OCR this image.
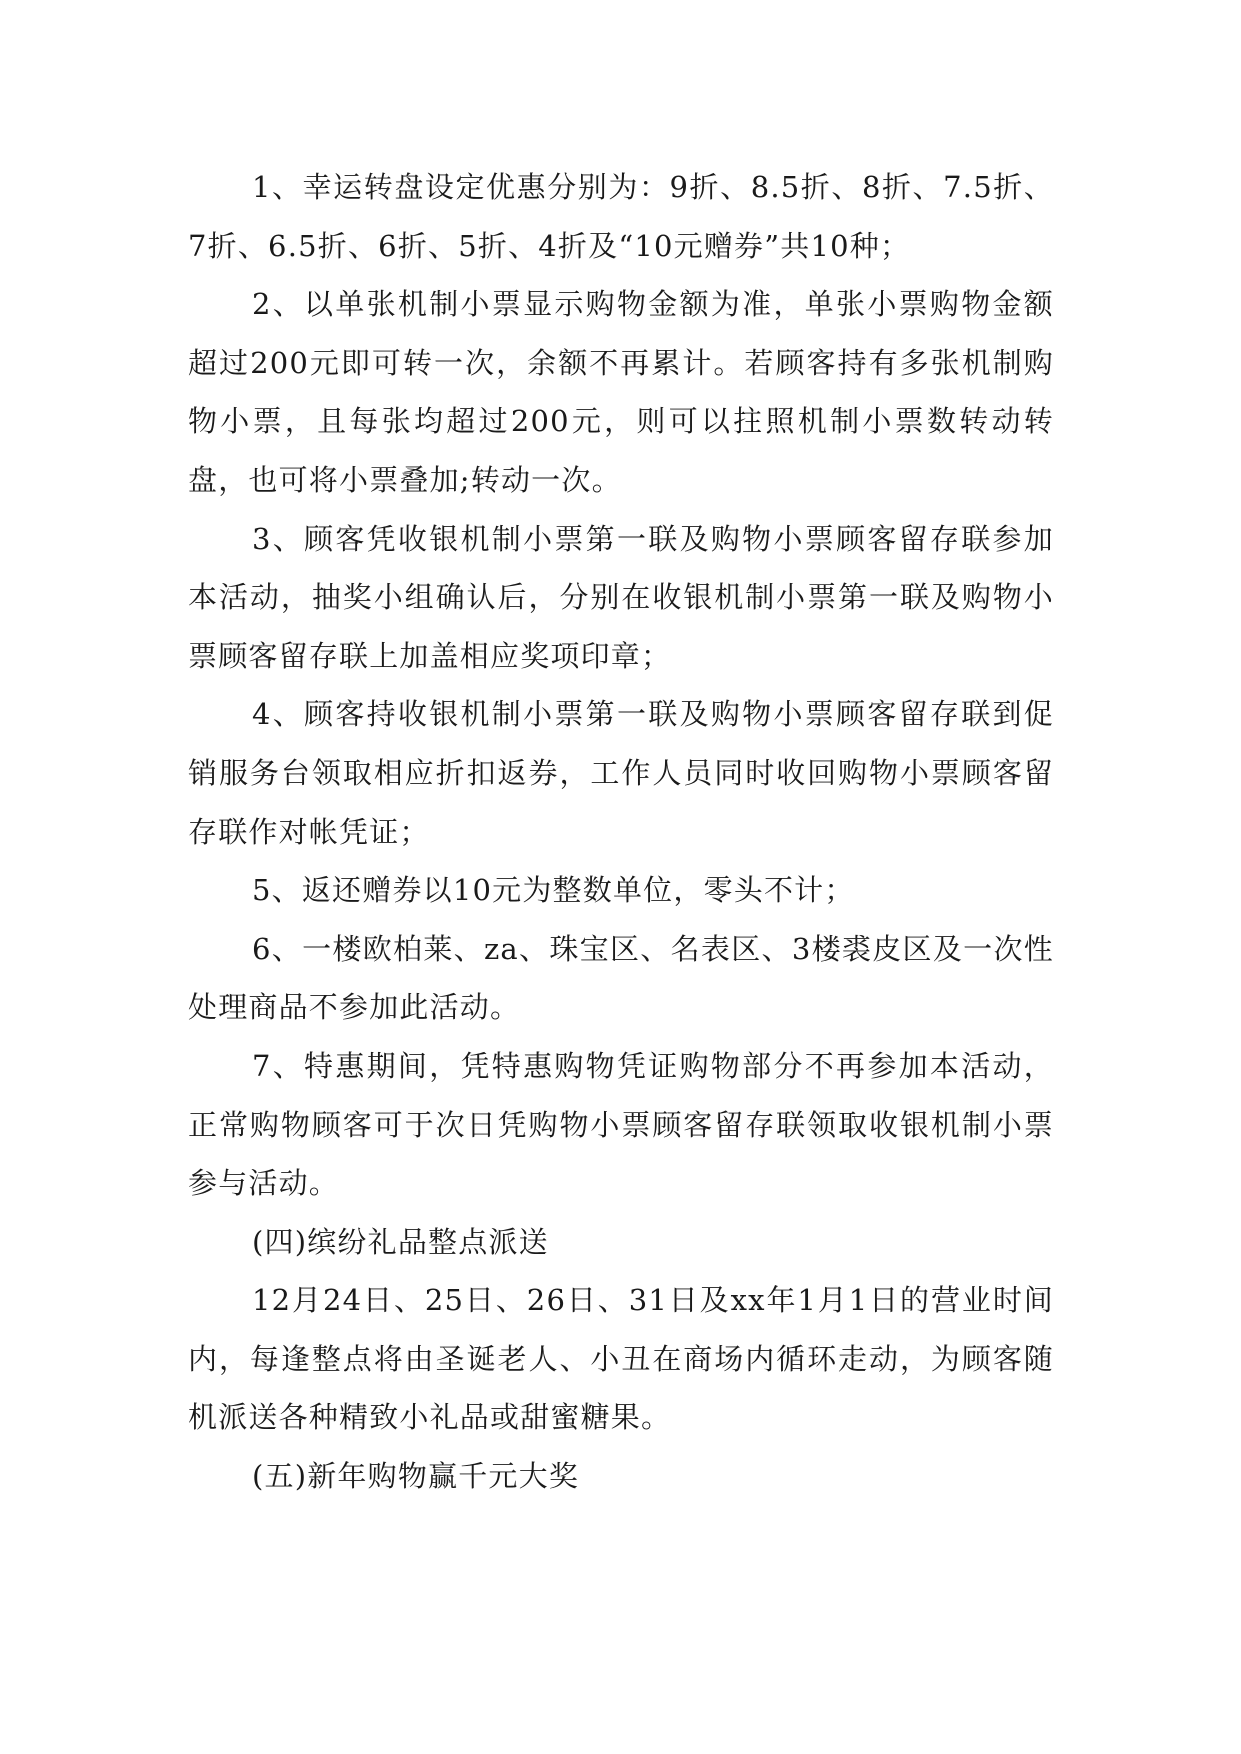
1、幸运转盘设定优惠分别为：9折、8.5折、8折、7.5折、7折、6.5折、6折、5折、4折及“10元赠券”共10种；

2、以单张机制小票显示购物金额为准，单张小票购物金额超过200元即可转一次，余额不再累计。若顾客持有多张机制购物小票，且每张均超过200元，则可以拄照机制小票数转动转盘，也可将小票叠加;转动一次。

3、顾客凭收银机制小票第一联及购物小票顾客留存联参加本活动，抽奖小组确认后，分别在收银机制小票第一联及购物小票顾客留存联上加盖相应奖项印章；

4、顾客持收银机制小票第一联及购物小票顾客留存联到促销服务台领取相应折扣返券，工作人员同时收回购物小票顾客留存联作对帐凭证；

5、返还赠券以10元为整数单位，零头不计；

6、一楼欧柏莱、za、珠宝区、名表区、3楼裘皮区及一次性处理商品不参加此活动。

7、特惠期间，凭特惠购物凭证购物部分不再参加本活动，正常购物顾客可于次日凭购物小票顾客留存联领取收银机制小票参与活动。

(四)缤纷礼品整点派送

12月24日、25日、26日、31日及xx年1月1日的营业时间内，每逢整点将由圣诞老人、小丑在商场内循环走动，为顾客随机派送各种精致小礼品或甜蜜糖果。

(五)新年购物赢千元大奖
